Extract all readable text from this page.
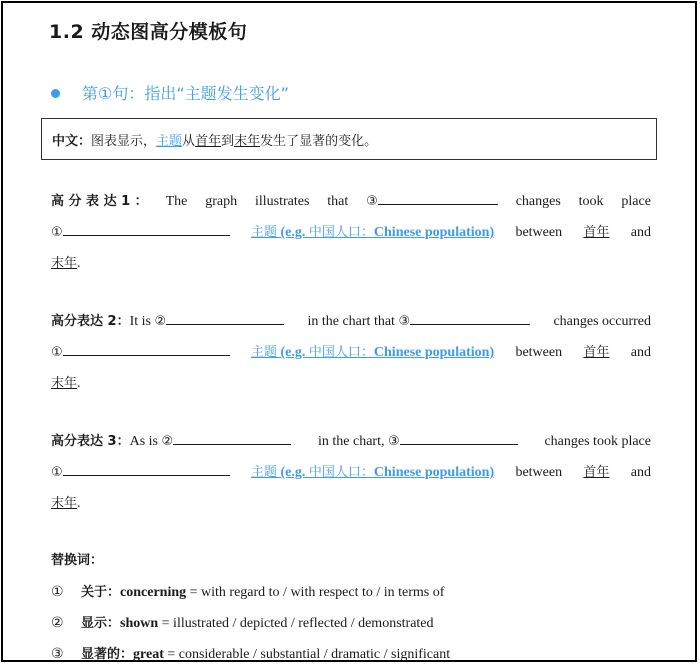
1.2 动态图高分模板句
第①句：指出“主题发生变化”
中文：图表显示，主题从首年到末年发生了显著的变化。
高 分 表 达 1 ： The graph illustrates that ③	changes took place
①	主题 (e.g. 中国人口：Chinese population) between 首年 and
末年.
高分表达 2：It is ②	in the chart that ③	changes occurred
①	主题 (e.g. 中国人口：Chinese population) between 首年 and
末年.
高分表达 3：As is ②	in the chart, ③	changes took place
①	主题 (e.g. 中国人口：Chinese population) between 首年 and
末年.
替换词：
①	关于： concerning = with regard to / with respect to / in terms of
②	显示： shown = illustrated / depicted / reflected / demonstrated
③	显著的： great = considerable / substantial / dramatic / significant
